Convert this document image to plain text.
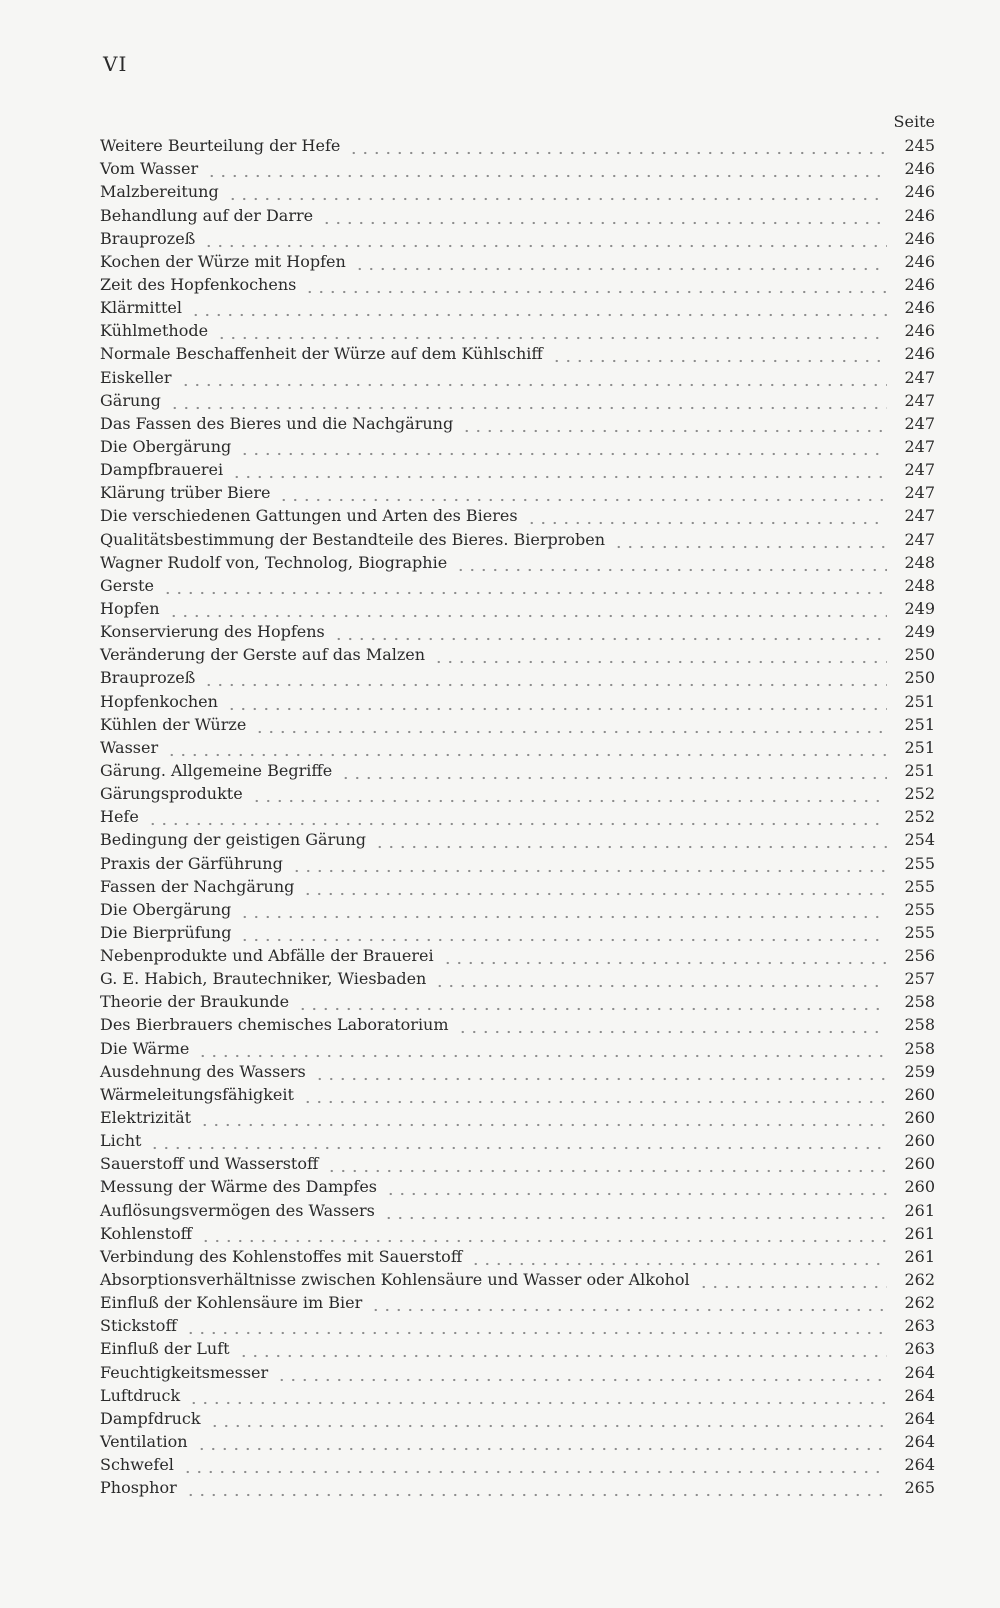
VI
Seite
Weitere Beurteilung der Hefe	245
Vom Wasser	246
Malzbereitung	246
Behandlung auf der Darre	246
Brauprozeß	246
Kochen der Würze mit Hopfen	246
Zeit des Hopfenkochens	246
Klärmittel	246
Kühlmethode	246
Normale Beschaffenheit der Würze auf dem Kühlschiff	246
Eiskeller	247
Gärung	247
Das Fassen des Bieres und die Nachgärung	247
Die Obergärung	247
Dampfbrauerei	247
Klärung trüber Biere	247
Die verschiedenen Gattungen und Arten des Bieres	247
Qualitätsbestimmung der Bestandteile des Bieres. Bierproben	247
Wagner Rudolf von, Technolog, Biographie	248
Gerste	248
Hopfen	249
Konservierung des Hopfens	249
Veränderung der Gerste auf das Malzen	250
Brauprozeß	250
Hopfenkochen	251
Kühlen der Würze	251
Wasser	251
Gärung. Allgemeine Begriffe	251
Gärungsprodukte	252
Hefe	252
Bedingung der geistigen Gärung	254
Praxis der Gärführung	255
Fassen der Nachgärung	255
Die Obergärung	255
Die Bierprüfung	255
Nebenprodukte und Abfälle der Brauerei	256
G. E. Habich, Brautechniker, Wiesbaden	257
Theorie der Braukunde	258
Des Bierbrauers chemisches Laboratorium	258
Die Wärme	258
Ausdehnung des Wassers	259
Wärmeleitungsfähigkeit	260
Elektrizität	260
Licht	260
Sauerstoff und Wasserstoff	260
Messung der Wärme des Dampfes	260
Auflösungsvermögen des Wassers	261
Kohlenstoff	261
Verbindung des Kohlenstoffes mit Sauerstoff	261
Absorptionsverhältnisse zwischen Kohlensäure und Wasser oder Alkohol	262
Einfluß der Kohlensäure im Bier	262
Stickstoff	263
Einfluß der Luft	263
Feuchtigkeitsmesser	264
Luftdruck	264
Dampfdruck	264
Ventilation	264
Schwefel	264
Phosphor	265
